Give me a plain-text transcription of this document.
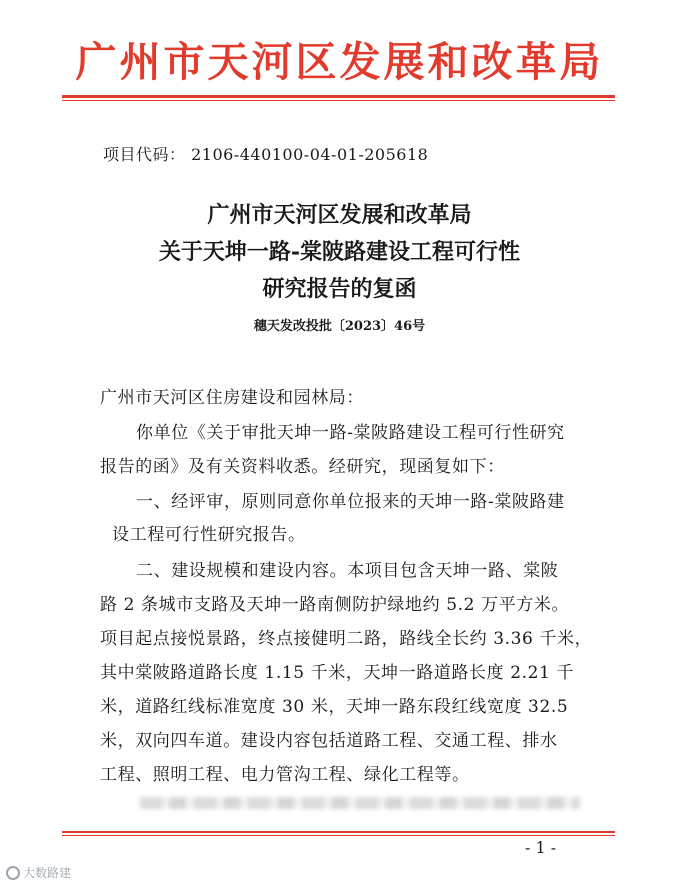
广州市天河区发展和改革局
项目代码： 2106-440100-04-01-205618
广州市天河区发展和改革局
关于天坤一路-棠陂路建设工程可行性
研究报告的复函
穗天发改投批〔2023〕46号
广州市天河区住房建设和园林局：
你单位《关于审批天坤一路-棠陂路建设工程可行性研究
报告的函》及有关资料收悉。经研究，现函复如下：
一、经评审，原则同意你单位报来的天坤一路-棠陂路建
设工程可行性研究报告。
二、建设规模和建设内容。本项目包含天坤一路、棠陂
路 2 条城市支路及天坤一路南侧防护绿地约 5.2 万平方米。
项目起点接悦景路，终点接健明二路，路线全长约 3.36 千米，
其中棠陂路道路长度 1.15 千米，天坤一路道路长度 2.21 千
米，道路红线标准宽度 30 米，天坤一路东段红线宽度 32.5
米，双向四车道。建设内容包括道路工程、交通工程、排水
工程、照明工程、电力管沟工程、绿化工程等。
- 1 -
大数路建
